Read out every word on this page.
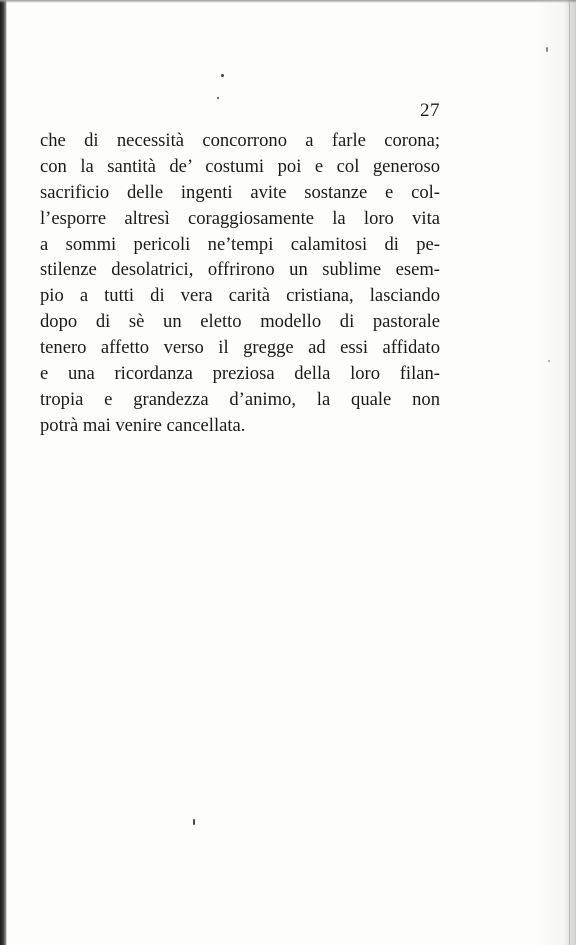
27
che di necessità concorrono a farle corona;
con la santità de’ costumi poi e col generoso
sacrificio delle ingenti avite sostanze e col-
l’esporre altresì coraggiosamente la loro vita
a sommi pericoli ne’tempi calamitosi di pe-
stilenze desolatrici, offrirono un sublime esem-
pio a tutti di vera carità cristiana, lasciando
dopo di sè un eletto modello di pastorale
tenero affetto verso il gregge ad essi affidato
e una ricordanza preziosa della loro filan-
tropia e grandezza d’animo, la quale non
potrà mai venire cancellata.
